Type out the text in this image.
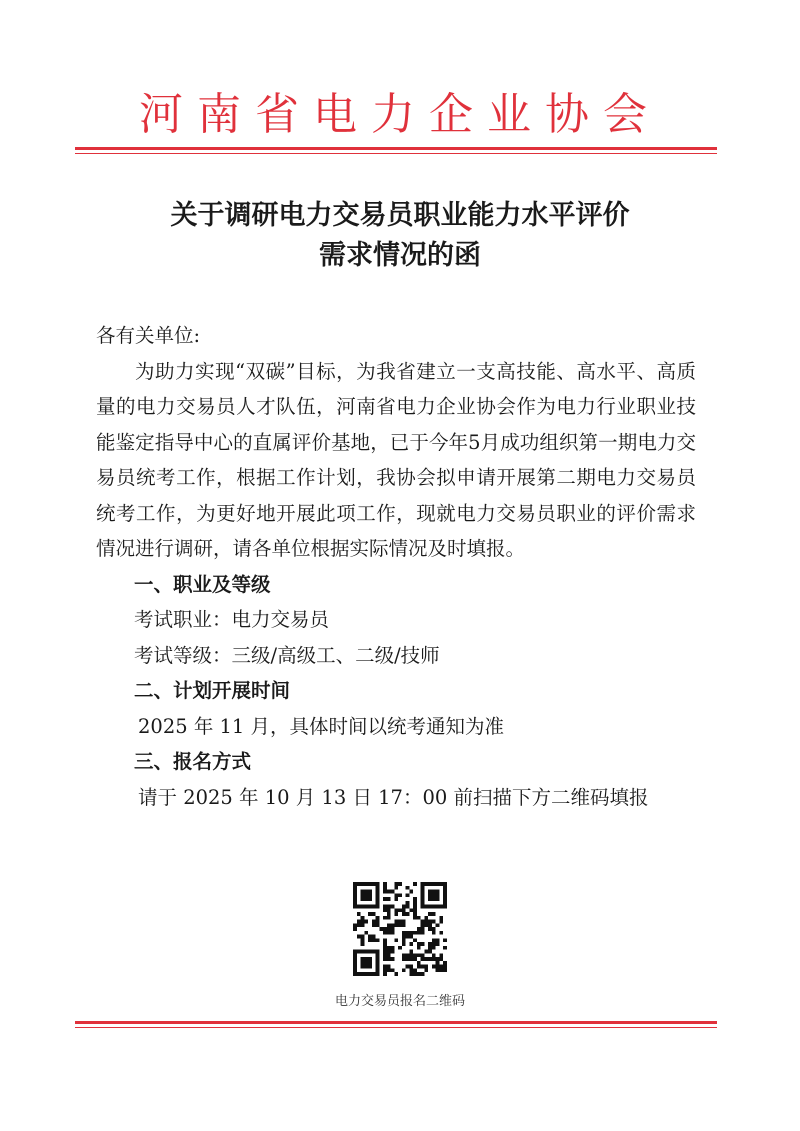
河南省电力企业协会
关于调研电力交易员职业能力水平评价
需求情况的函

各有关单位:

为助力实现“双碳”目标，为我省建立一支高技能、高水平、高质量的电力交易员人才队伍，河南省电力企业协会作为电力行业职业技能鉴定指导中心的直属评价基地，已于今年5月成功组织第一期电力交易员统考工作，根据工作计划，我协会拟申请开展第二期电力交易员统考工作，为更好地开展此项工作，现就电力交易员职业的评价需求情况进行调研，请各单位根据实际情况及时填报。

一、职业及等级

考试职业：电力交易员

考试等级：三级/高级工、二级/技师

二、计划开展时间

2025 年 11 月，具体时间以统考通知为准

三、报名方式

请于 2025 年 10 月 13 日 17：00 前扫描下方二维码填报

电力交易员报名二维码
